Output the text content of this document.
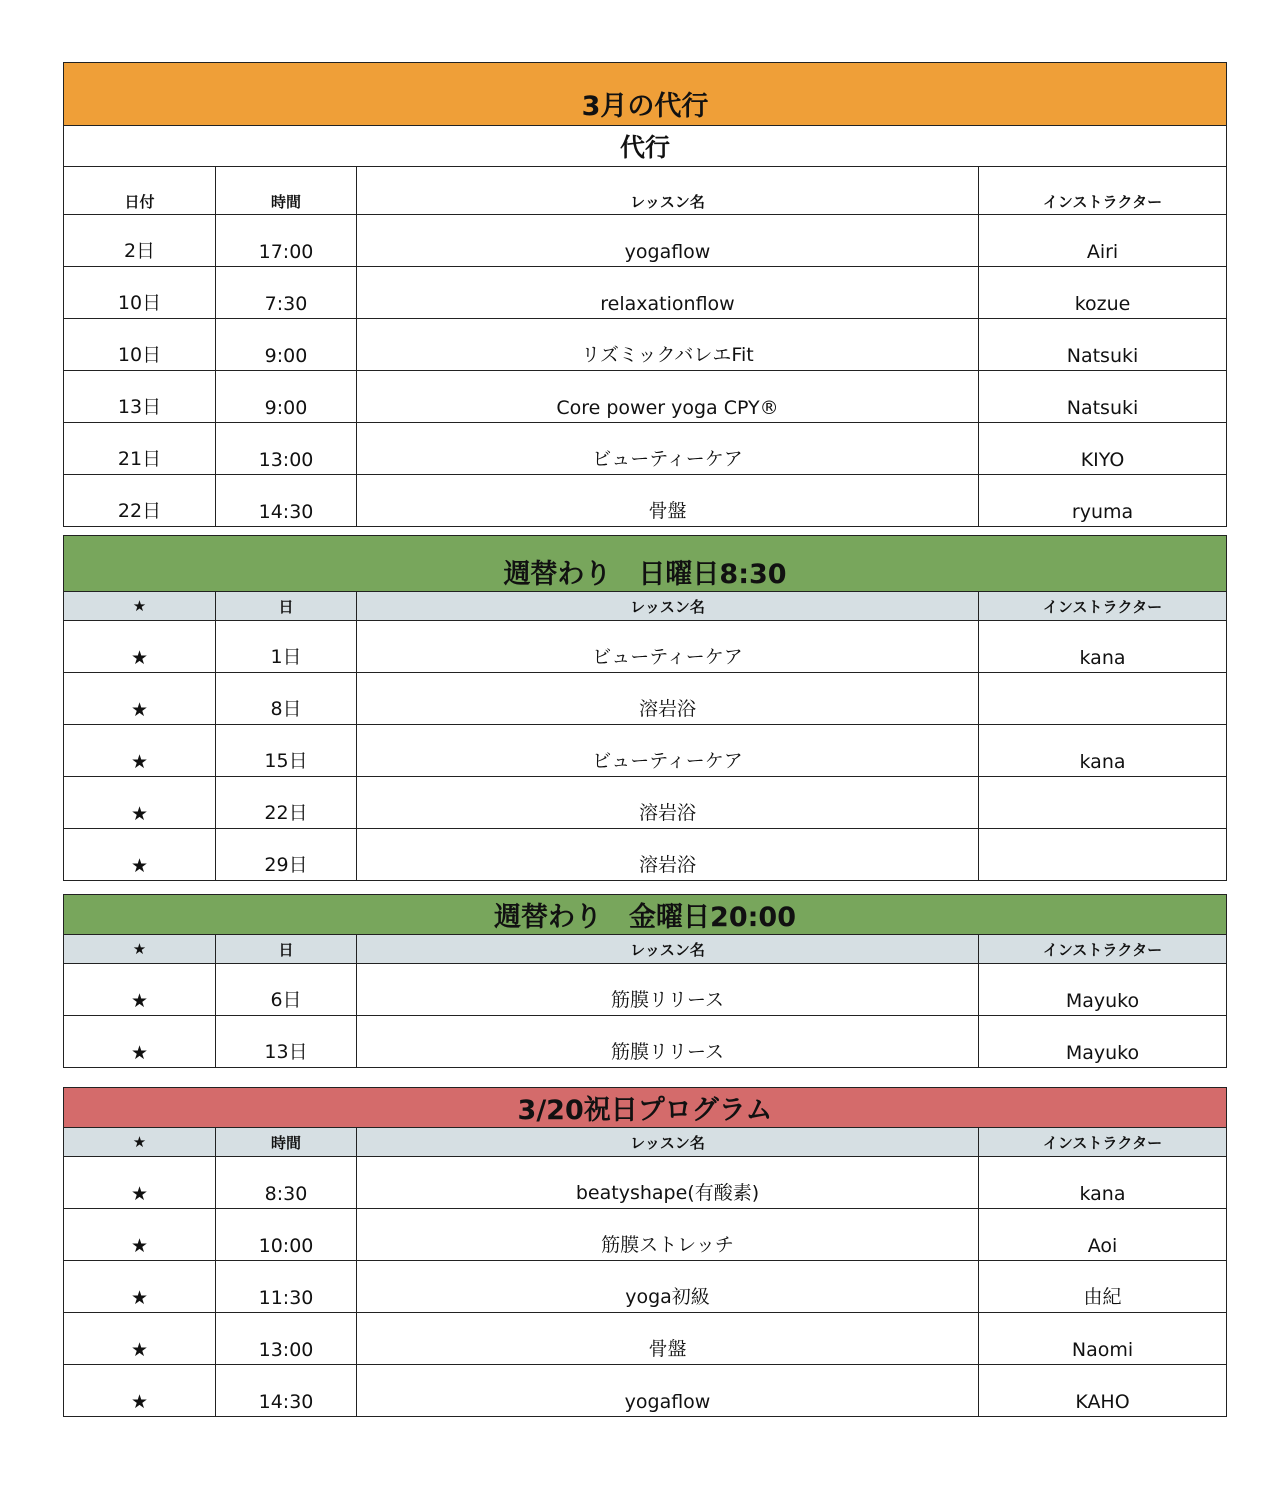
3月の代行			
代行			
日付	時間	レッスン名	インストラクター
2日	17:00	yogaflow	Airi
10日	7:30	relaxationflow	kozue
10日	9:00	リズミックバレエFit	Natsuki
13日	9:00	Core power yoga CPY®	Natsuki
21日	13:00	ビューティーケア	KIYO
22日	14:30	骨盤	ryuma
週替わり　日曜日8:30			
★	日	レッスン名	インストラクター
★	1日	ビューティーケア	kana
★	8日	溶岩浴	
★	15日	ビューティーケア	kana
★	22日	溶岩浴	
★	29日	溶岩浴	
週替わり　金曜日20:00			
★	日	レッスン名	インストラクター
★	6日	筋膜リリース	Mayuko
★	13日	筋膜リリース	Mayuko
3/20祝日プログラム			
★	時間	レッスン名	インストラクター
★	8:30	beatyshape(有酸素)	kana
★	10:00	筋膜ストレッチ	Aoi
★	11:30	yoga初級	由紀
★	13:00	骨盤	Naomi
★	14:30	yogaflow	KAHO
